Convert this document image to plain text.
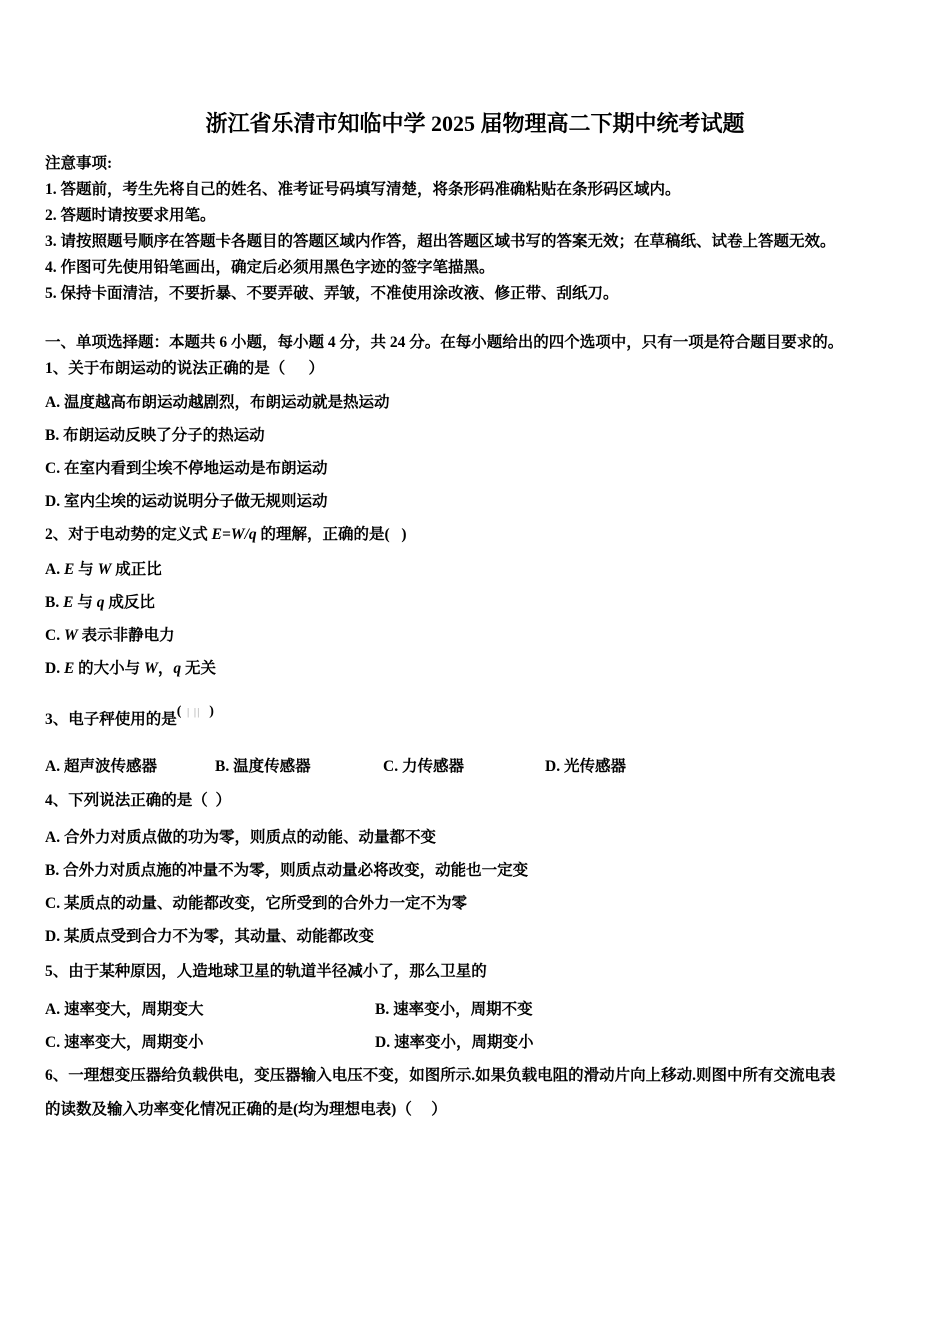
浙江省乐清市知临中学 2025 届物理高二下期中统考试题
注意事项:
1. 答题前，考生先将自己的姓名、准考证号码填写清楚，将条形码准确粘贴在条形码区域内。
2. 答题时请按要求用笔。
3. 请按照题号顺序在答题卡各题目的答题区域内作答，超出答题区域书写的答案无效；在草稿纸、试卷上答题无效。
4. 作图可先使用铅笔画出，确定后必须用黑色字迹的签字笔描黑。
5. 保持卡面清洁，不要折暴、不要弄破、弄皱，不准使用涂改液、修正带、刮纸刀。
一、单项选择题：本题共 6 小题，每小题 4 分，共 24 分。在每小题给出的四个选项中，只有一项是符合题目要求的。
1、关于布朗运动的说法正确的是（      ）
A. 温度越高布朗运动越剧烈，布朗运动就是热运动
B. 布朗运动反映了分子的热运动
C. 在室内看到尘埃不停地运动是布朗运动
D. 室内尘埃的运动说明分子做无规则运动
2、对于电动势的定义式 E=W/q 的理解，正确的是(   )
A. E 与 W 成正比
B. E 与 q 成反比
C. W 表示非静电力
D. E 的大小与 W，q 无关
3、电子秤使用的是( | ||  )
A. 超声波传感器	B. 温度传感器	C. 力传感器	D. 光传感器
4、下列说法正确的是（  ）
A. 合外力对质点做的功为零，则质点的动能、动量都不变
B. 合外力对质点施的冲量不为零，则质点动量必将改变，动能也一定变
C. 某质点的动量、动能都改变，它所受到的合外力一定不为零
D. 某质点受到合力不为零，其动量、动能都改变
5、由于某种原因，人造地球卫星的轨道半径减小了，那么卫星的
A. 速率变大，周期变大	B. 速率变小，周期不变
C. 速率变大，周期变小	D. 速率变小，周期变小
6、一理想变压器给负载供电，变压器输入电压不变，如图所示.如果负载电阻的滑动片向上移动.则图中所有交流电表
的读数及输入功率变化情况正确的是(均为理想电表)（     ）
